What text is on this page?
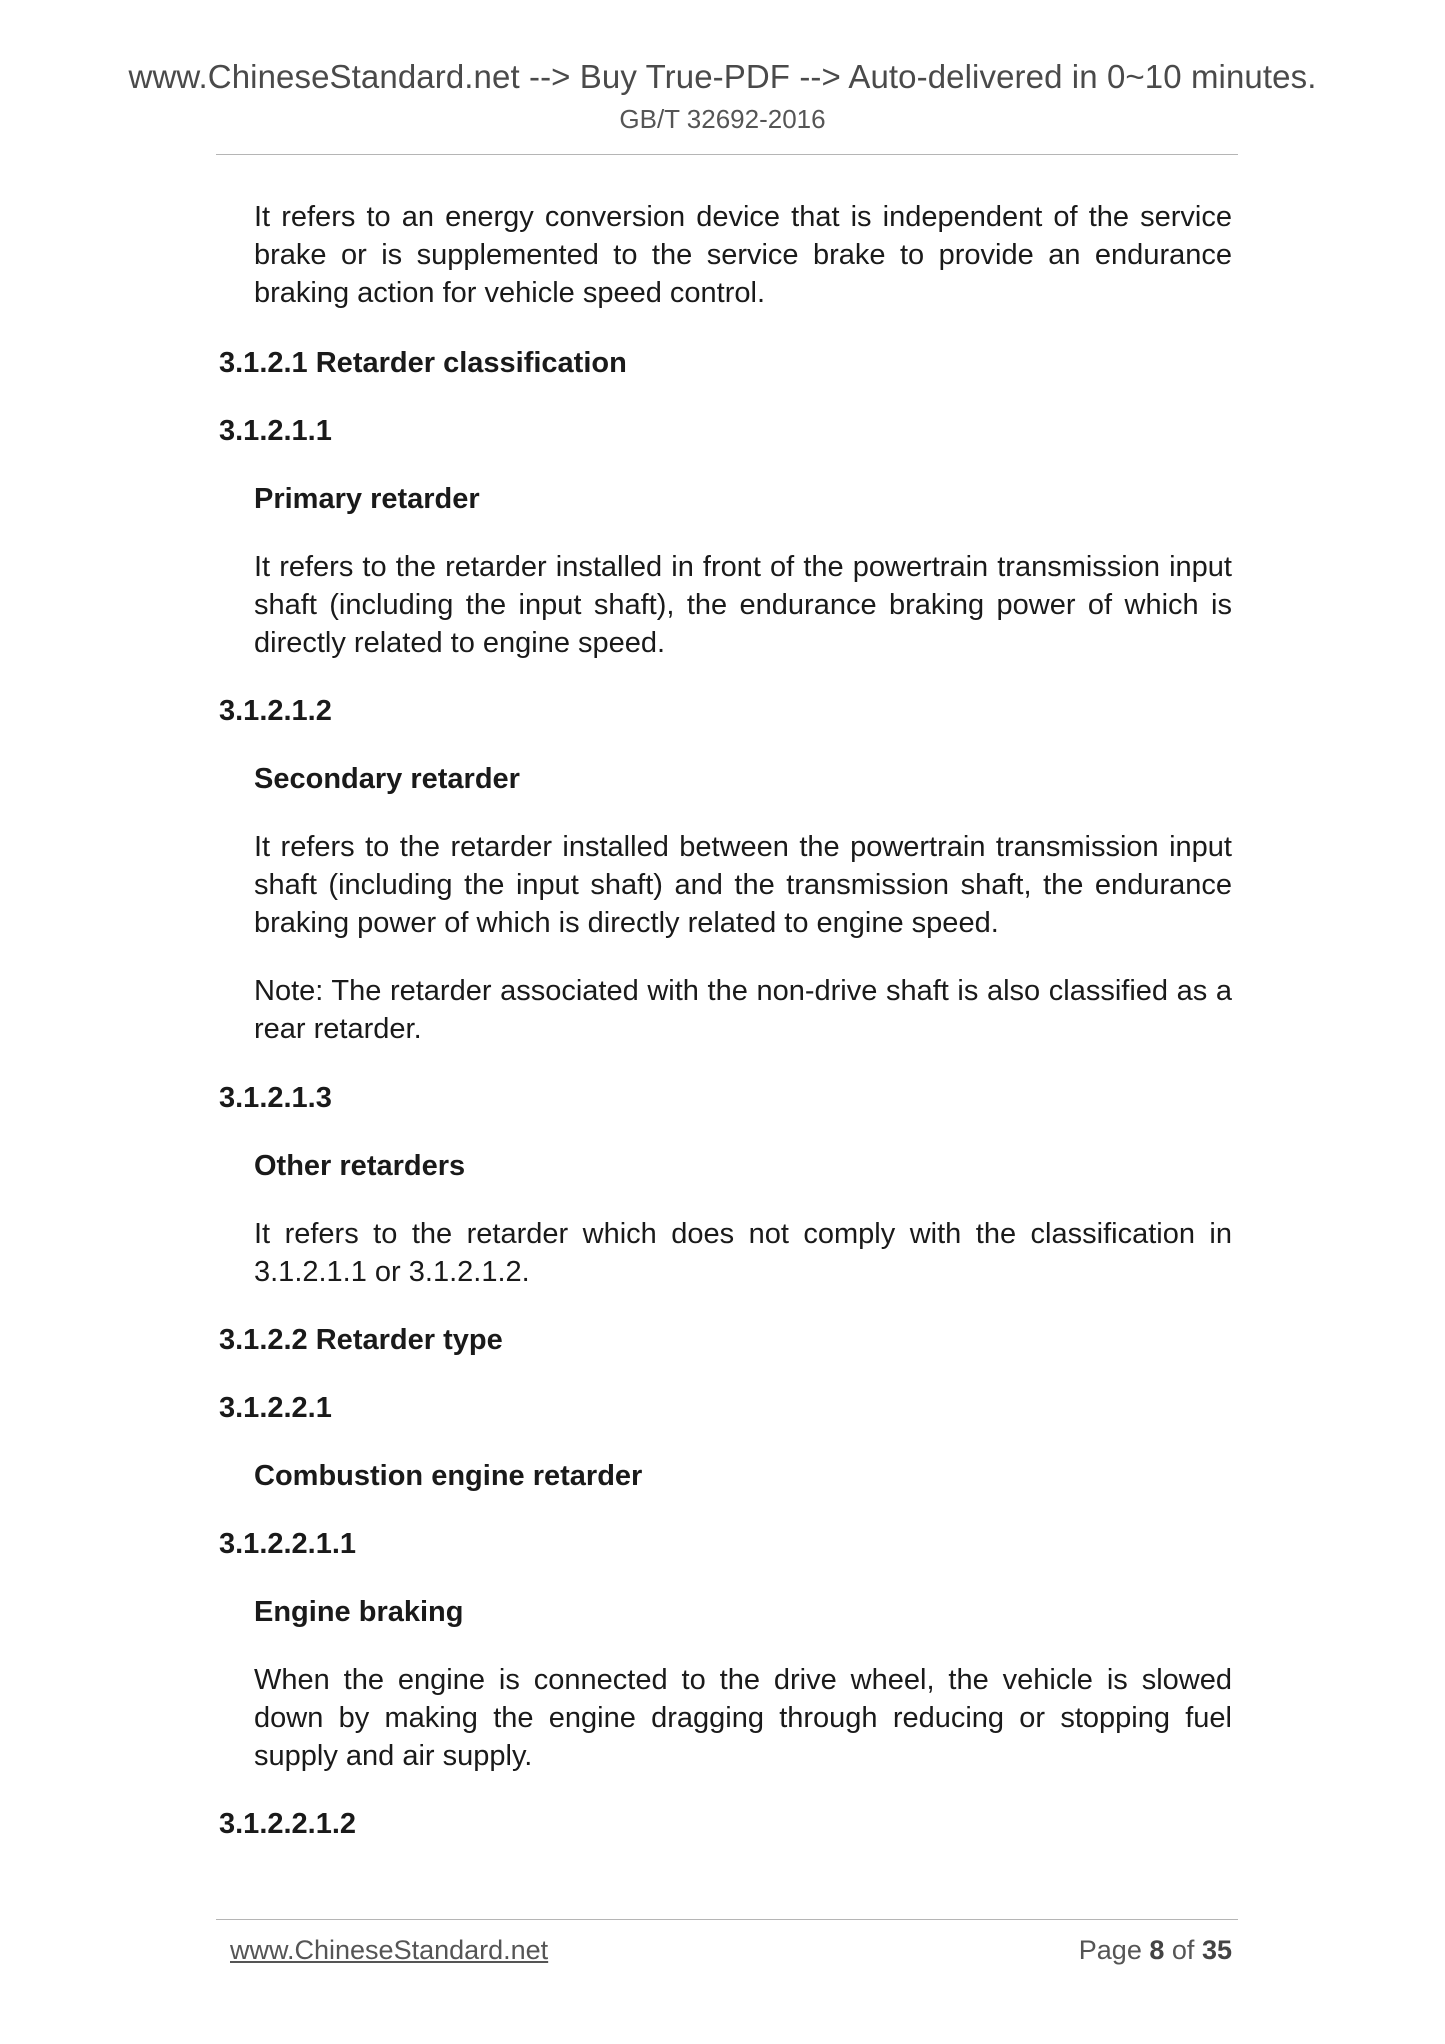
www.ChineseStandard.net --> Buy True-PDF --> Auto-delivered in 0~10 minutes.
GB/T 32692-2016
It refers to an energy conversion device that is independent of the service brake or is supplemented to the service brake to provide an endurance braking action for vehicle speed control.
3.1.2.1 Retarder classification
3.1.2.1.1
Primary retarder
It refers to the retarder installed in front of the powertrain transmission input shaft (including the input shaft), the endurance braking power of which is directly related to engine speed.
3.1.2.1.2
Secondary retarder
It refers to the retarder installed between the powertrain transmission input shaft (including the input shaft) and the transmission shaft, the endurance braking power of which is directly related to engine speed.
Note: The retarder associated with the non-drive shaft is also classified as a rear retarder.
3.1.2.1.3
Other retarders
It refers to the retarder which does not comply with the classification in 3.1.2.1.1 or 3.1.2.1.2.
3.1.2.2 Retarder type
3.1.2.2.1
Combustion engine retarder
3.1.2.2.1.1
Engine braking
When the engine is connected to the drive wheel, the vehicle is slowed down by making the engine dragging through reducing or stopping fuel supply and air supply.
3.1.2.2.1.2
www.ChineseStandard.net	Page 8 of 35
